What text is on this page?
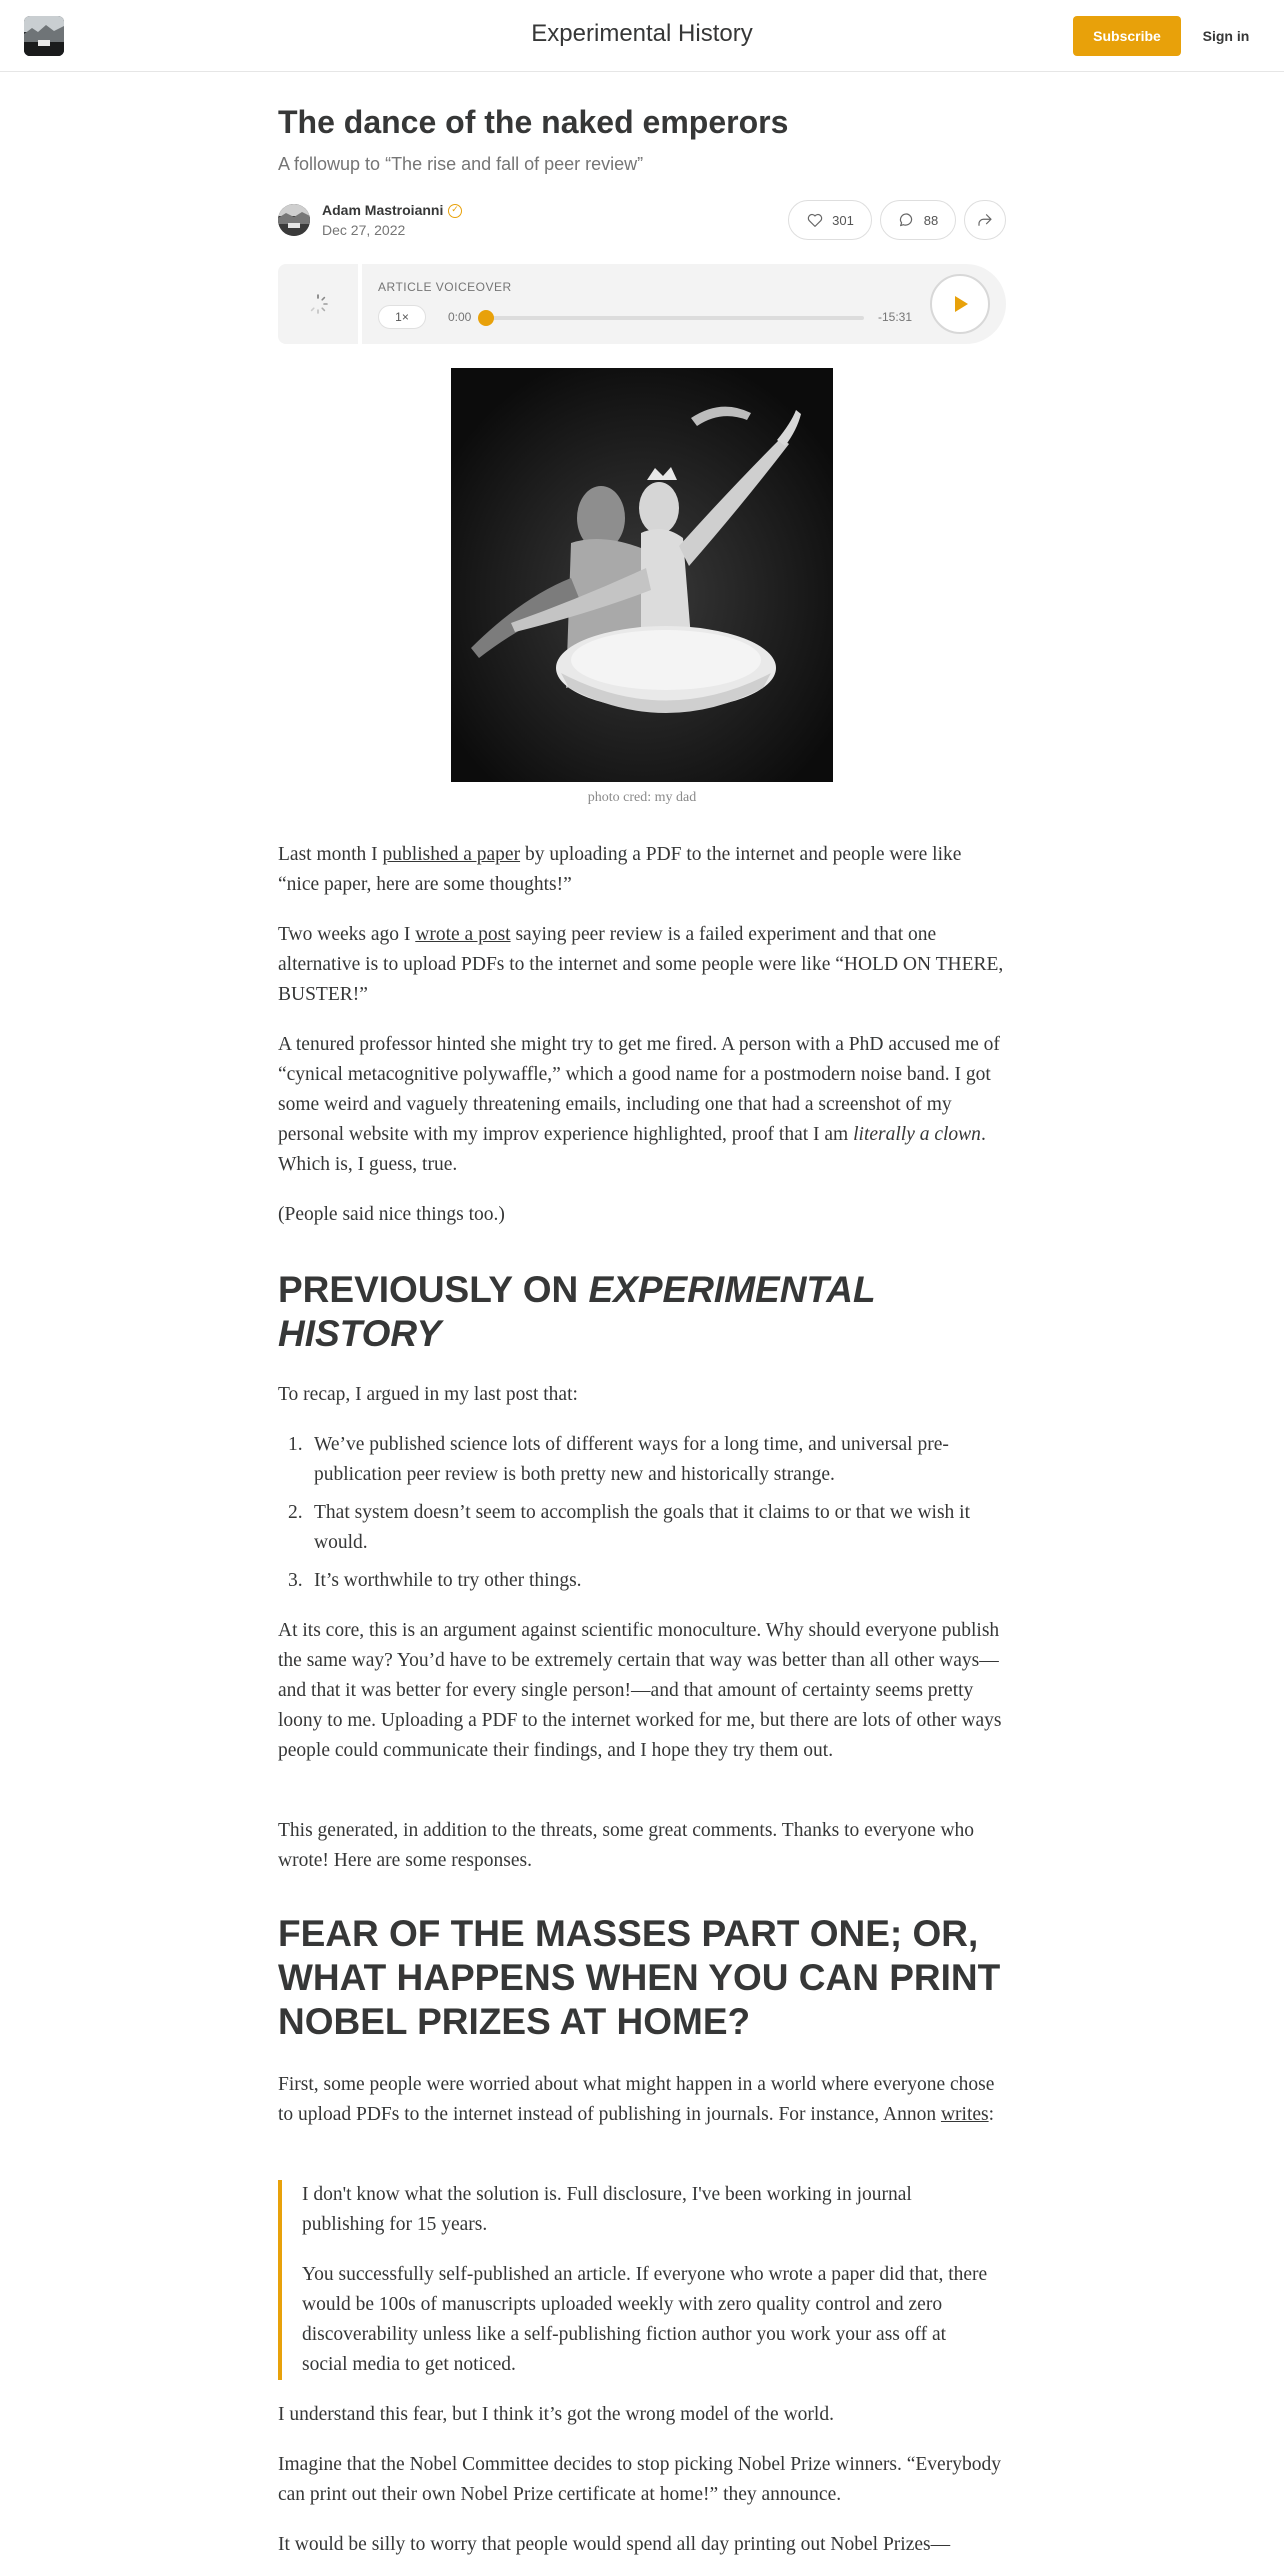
Experimental History	Subscribe	Sign in
The dance of the naked emperors
A followup to “The rise and fall of peer review”
Adam Mastroianni ✓
Dec 27, 2022
301	88
ARTICLE VOICEOVER
1×	0:00	-15:31
photo cred: my dad

Last month I published a paper by uploading a PDF to the internet and people were like “nice paper, here are some thoughts!”

Two weeks ago I wrote a post saying peer review is a failed experiment and that one alternative is to upload PDFs to the internet and some people were like “HOLD ON THERE, BUSTER!”

A tenured professor hinted she might try to get me fired. A person with a PhD accused me of “cynical metacognitive polywaffle,” which a good name for a postmodern noise band. I got some weird and vaguely threatening emails, including one that had a screenshot of my personal website with my improv experience highlighted, proof that I am literally a clown. Which is, I guess, true.

(People said nice things too.)

PREVIOUSLY ON EXPERIMENTAL HISTORY

To recap, I argued in my last post that:

1. We’ve published science lots of different ways for a long time, and universal pre-publication peer review is both pretty new and historically strange.
2. That system doesn’t seem to accomplish the goals that it claims to or that we wish it would.
3. It’s worthwhile to try other things.

At its core, this is an argument against scientific monoculture. Why should everyone publish the same way? You’d have to be extremely certain that way was better than all other ways—and that it was better for every single person!—and that amount of certainty seems pretty loony to me. Uploading a PDF to the internet worked for me, but there are lots of other ways people could communicate their findings, and I hope they try them out.

This generated, in addition to the threats, some great comments. Thanks to everyone who wrote! Here are some responses.

FEAR OF THE MASSES PART ONE; OR, WHAT HAPPENS WHEN YOU CAN PRINT NOBEL PRIZES AT HOME?

First, some people were worried about what might happen in a world where everyone chose to upload PDFs to the internet instead of publishing in journals. For instance, Annon writes:

I don't know what the solution is. Full disclosure, I've been working in journal publishing for 15 years.

You successfully self-published an article. If everyone who wrote a paper did that, there would be 100s of manuscripts uploaded weekly with zero quality control and zero discoverability unless like a self-publishing fiction author you work your ass off at social media to get noticed.

I understand this fear, but I think it’s got the wrong model of the world.

Imagine that the Nobel Committee decides to stop picking Nobel Prize winners. “Everybody can print out their own Nobel Prize certificate at home!” they announce.

It would be silly to worry that people would spend all day printing out Nobel Prizes—
